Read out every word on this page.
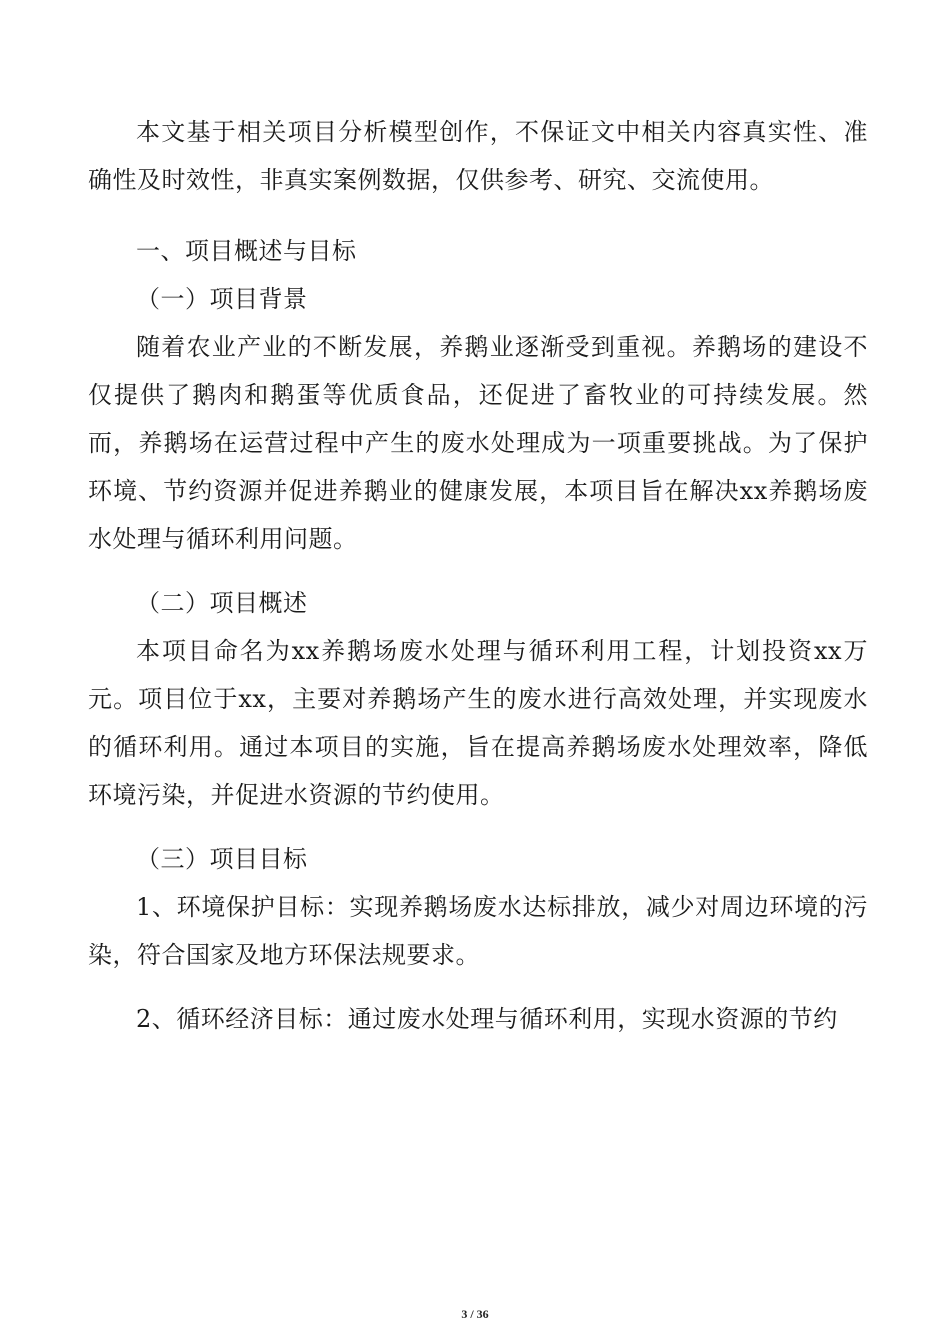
本文基于相关项目分析模型创作，不保证文中相关内容真实性、准确性及时效性，非真实案例数据，仅供参考、研究、交流使用。

一、项目概述与目标

（一）项目背景

随着农业产业的不断发展，养鹅业逐渐受到重视。养鹅场的建设不仅提供了鹅肉和鹅蛋等优质食品，还促进了畜牧业的可持续发展。然而，养鹅场在运营过程中产生的废水处理成为一项重要挑战。为了保护环境、节约资源并促进养鹅业的健康发展，本项目旨在解决xx养鹅场废水处理与循环利用问题。

（二）项目概述

本项目命名为xx养鹅场废水处理与循环利用工程，计划投资xx万元。项目位于xx，主要对养鹅场产生的废水进行高效处理，并实现废水的循环利用。通过本项目的实施，旨在提高养鹅场废水处理效率，降低环境污染，并促进水资源的节约使用。

（三）项目目标

1、环境保护目标：实现养鹅场废水达标排放，减少对周边环境的污染，符合国家及地方环保法规要求。

2、循环经济目标：通过废水处理与循环利用，实现水资源的节约

3 / 36
